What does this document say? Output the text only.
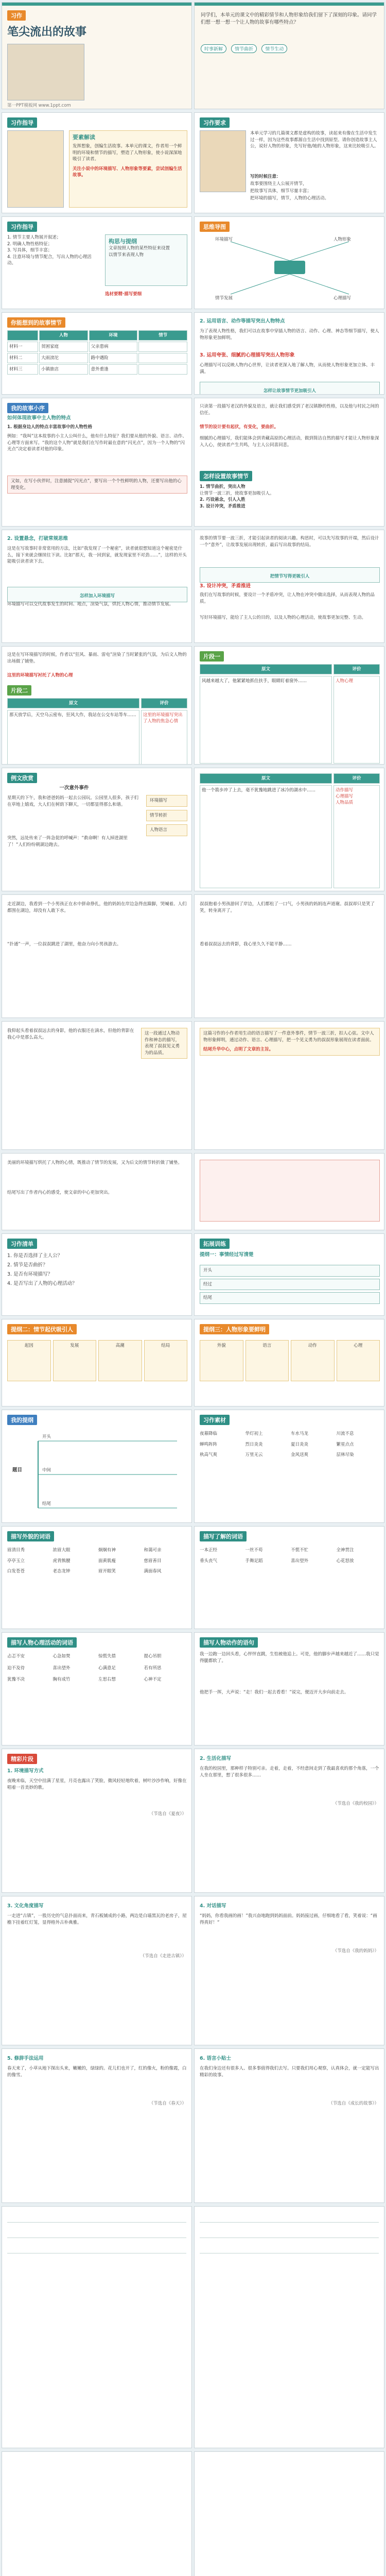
习作
笔尖流出的故事
第一PPT模板网 www.1ppt.com
同学们，本单元的课文中的精彩情节和人物形象给我们留下了深刻的印象。请同学们想一想一想一个让人物的故事有哪些特点？
时事新解	情节曲折	情节生动
习作指导
要素解读
发挥想象，创编生活故事。本单元的课文，作者用一个鲜明的环境和情节的描写，塑造了人物形象，使小说深深地吸引了读者。
关注小说中的环境描写、人物形象等要素，尝试创编生活故事。
习作要求
本单元学习的几篇课文都是虚构的故事，读起来有像在生活中发生过一样，因为这些故事都源自生活中找到原型。请你创造故事主人公，说好人物的形象，先写好他/她的人物形象，这来比较吸引人。
写的时候注意：
故事要围绕主人公展开情节，
把故事写具体，细节尽量丰富；
把环境的描写，情节，人物的心理活动。
习作指导
1. 情节主要人物展开叙述；
2. 明确人物性格特征；
3. 写具体，细节丰富；
4. 注意环境与情节配合，写出人物的心理活动。
构思与提纲
文章按照人物的某些特征来设置
以情节来表现人物
选材要精·描写要细
思维导图
环境描写	人物形象
情节发展	心理描写
你能想到的故事情节
人物	环境	情节
材料一	贫困家庭	父亲患病
材料二	大雨滂沱	路中遇险
材料三	小镇旅店	意外重逢
2. 运用语言、动作等描写突出人物特点
为了表现人物性格，我们可以在故事中穿插人物的语言、动作、心理、神态等细节描写，使人物形象更加鲜明。
3. 运用夸张、细腻的心理描写突出人物形象
心理描写可以反映人物内心世界，让读者更深入地了解人物，从而使人物形象更加立体、丰满。
怎样让故事情节更加吸引人
我的故事小序
如何体现故事中主人物的特点
1. 根据身边人的特点丰富故事中的人物性格
例如：“我叫”这本故事的小主人公叫什么，他有什么特征？我们要从他的外貌、语言、动作、心理等方面来写。“我的这个人物”就是我们在写作时最在意的“闪光点”，因为一个人物的“闪光点”决定着读者对他的印象。
又如，在写小伙伴时，注意捕捉“闪光点”，要写出一个个性鲜明的人物，还要写出他的心理变化。
只读第一段描写老汉的外貌及语言，就让我们感受到了老汉镇静的性格，以及他与村民之间的信任。
情节的设计要有起伏，有变化，要曲折。
细腻的心理描写，我们能体会到青藏高原的心理活动，做到简洁自然的描写才能让人物形象深入人心，使读者产生共鸣，与主人公同喜同悲。
怎样设置故事情节
1. 情节曲折，突出人物
让情节一波三折，使故事更加吸引人。
2. 巧设悬念，引人入胜
3. 设计冲突，矛盾推进
2. 设置悬念，打破常规思维
这是在写故事时非常常用的方法，比如“我发现了一个秘密”，读者就很想知道这个秘密是什么，接下来就会继续往下读。比如“那天，我一回到家，就发现家里不对劲……”，这样的开头能吸引读者读下去。
怎样加入环境描写
环境描写可以交代故事发生的时间、地点，渲染气氛，烘托人物心情，推动情节发展。
故事的情节要一波三折，才能引起读者的阅读兴趣。构思时，可以先写故事的开端，然后设计一个“意外”，让故事发展出现转折，最后写出故事的结局。
把情节写得更吸引人
3. 设计冲突，矛盾推进
我们在写故事的时候，要设计一个矛盾冲突，让人物在冲突中做出选择，从而表现人物的品质。
写好环境描写，能给了主人公的目的，以及人物的心理活动，使故事更加完整、生动。
这是在写环境描写的时候，作者以“狂风、暴雨、雷电”渲染了当时紧张的气氛，为后文人物的出场做了铺垫。
这里的环境描写衬托了人物的心理
片段二
原文	评价
那天放学后，天空乌云密布，狂风大作，我站在公交车站等车……	这里的环境描写突出了人物的焦急心情
片段一
原文	评价
风越来越大了，他紧紧地抓住扶手，眼睛盯着窗外……	人物心理
例文欣赏
一次意外事件
星期天的下午，我和爸爸妈妈一起去公园玩。公园里人很多，孩子们在草地上嬉戏，大人们在树荫下聊天，一切都显得那么和谐。
突然，远处传来了一阵急促的呼喊声：“救命啊！有人掉进湖里了！”人们纷纷朝湖边跑去。
环境描写
情节转折
人物语言
原文	评价
他一个箭步冲了上去，毫不犹豫地跳进了冰冷的湖水中……	动作描写
心理描写
人物品质
走近湖边，我看到一个小男孩正在水中拼命挣扎，他的妈妈在岸边急得直跺脚，哭喊着。人们都围在湖边，却没有人敢下水。
“扑通”一声，一位叔叔跳进了湖里，他奋力向小男孩游去。
叔叔抱着小男孩游回了岸边，人们都松了一口气，小男孩的妈妈连声道谢。叔叔却只是笑了笑，转身离开了。
看着叔叔远去的背影，我心里久久不能平静……
我仰起头看着叔叔远去的身影，他的衣服还在滴水，但他的背影在我心中是那么高大。
这一段通过人物动作和神态的描写，表现了叔叔见义勇为的品质。
这篇习作的小作者用生动的语言描写了一件意外事件，情节一波三折，扣人心弦。文中人物形象鲜明，通过动作、语言、心理描写，把一个见义勇为的叔叔形象展现在读者面前。
结尾升华中心，点明了文章的主旨。
美丽的环境描写烘托了人物的心情，既推动了情节的发展，又为后文的情节转折做了铺垫。
结尾写出了作者内心的感受，使文章的中心更加突出。
习作清单
1. 你是否选择了主人公？
2. 情节是否曲折？
3. 是否有环境描写？
4. 是否写出了人物的心理活动？
拓展训练
提纲一：事情经过写清楚
开头
经过
结尾
提纲二：情节起伏吸引人
起因	发展	高潮	结局
提纲三：人物形象要鲜明
外貌	语言	动作	心理
我的提纲
题目
开头
中间
结尾
习作素材
夜幕降临	华灯初上	车水马龙	川流不息
蝉鸣阵阵	烈日炎炎	夏日炎炎	繁星点点
秋高气爽	万里无云	金风送爽	层林尽染
描写外貌的词语
眉清目秀	浓眉大眼	炯炯有神	和蔼可亲
亭亭玉立	虎背熊腰	面黄肌瘦	慈眉善目
白发苍苍	老态龙钟	眉开眼笑	满面春风
描写了解的词语
一本正经	一丝不苟	不慌不忙	全神贯注
垂头丧气	手舞足蹈	喜出望外	心花怒放
描写人物心理活动的词语
忐忑不安	心急如焚	惊慌失措	提心吊胆
迫不及待	喜出望外	心满意足	若有所思
犹豫不决	胸有成竹	左思右想	心神不定
描写人物动作的语句
我一边跑一边回头看，心怦怦直跳，生怕被他追上。可是，他的脚步声越来越近了……我只觉得腿都软了。
他把手一挥，大声说：“走！我们一起去看看！”说完，便迈开大步向前走去。
精彩片段
1. 环境描写方式
夜晚来临，天空中挂满了星星，月亮也露出了笑脸，微风轻轻地吹着，树叶沙沙作响，好像在唱着一首美妙的歌。
（节选自《夏夜》）
2. 生活化描写
在我的校园里，那种样子特别可亲。走着，走着，不经意间走到了我最喜欢的那个角落，一个人坐在那里，想了很多很多……
（节选自《我的校园》）
3. 文化角度描写
一走进“古镇”，一股历史的气息扑面而来，青石板铺成的小路，两边是白墙黑瓦的老房子，屋檐下挂着红灯笼，显得格外古朴典雅。
（节选自《走进古镇》）
4. 对话描写
“妈妈，你看我画的画！”我兴奋地跑到妈妈面前。妈妈接过画，仔细地看了看，笑着说：“画得真好！”
（节选自《我的妈妈》）
5. 修辞手法运用
春天来了，小草从地下探出头来，嫩嫩的，绿绿的。花儿们也开了，红的像火，粉的像霞，白的像雪。
（节选自《春天》）
6. 语言小贴士
在我们身边还有很多人、很多事值得我们去写。只要我们用心观察，认真体会，就一定能写出精彩的故事。
（节选自《成长的故事》）
